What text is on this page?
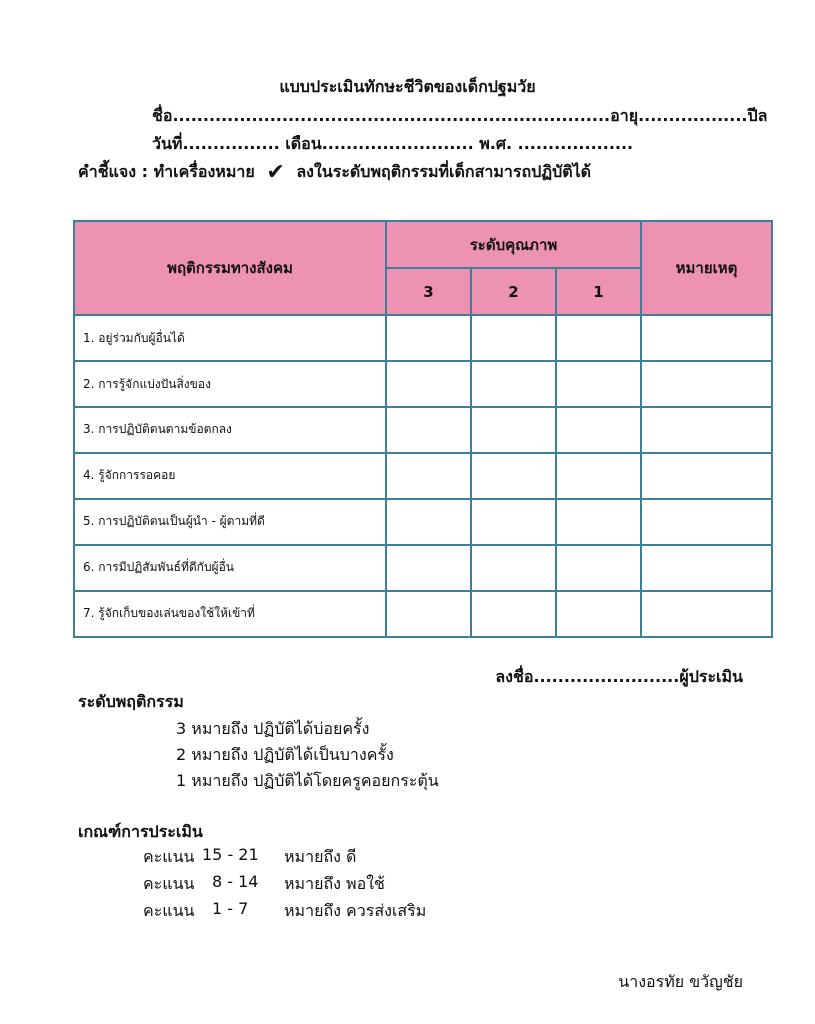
แบบประเมินทักษะชีวิตของเด็กปฐมวัย
ชื่อ........................................................................อายุ..................ปีล
วันที่................ เดือน......................... พ.ศ. ...................
คำชี้แจง : ทำเครื่องหมาย ✔ ลงในระดับพฤติกรรมที่เด็กสามารถปฏิบัติได้
พฤติกรรมทางสังคม	ระดับคุณภาพ			หมายเหตุ
	3	2	1	
1. อยู่ร่วมกับผู้อื่นได้				
2. การรู้จักแบ่งปันสิ่งของ				
3. การปฏิบัติตนตามข้อตกลง				
4. รู้จักการรอคอย				
5. การปฏิบัติตนเป็นผู้นำ - ผู้ตามที่ดี				
6. การมีปฏิสัมพันธ์ที่ดีกับผู้อื่น				
7. รู้จักเก็บของเล่นของใช้ให้เข้าที่				
ลงชื่อ........................ผู้ประเมิน
ระดับพฤติกรรม
3 หมายถึง ปฏิบัติได้บ่อยครั้ง
2 หมายถึง ปฏิบัติได้เป็นบางครั้ง
1 หมายถึง ปฏิบัติได้โดยครูคอยกระตุ้น
เกณฑ์การประเมิน
คะแนน 15 - 21 หมายถึง ดี
คะแนน 8 - 14 หมายถึง พอใช้
คะแนน 1 - 7 หมายถึง ควรส่งเสริม
นางอรทัย ขวัญชัย
